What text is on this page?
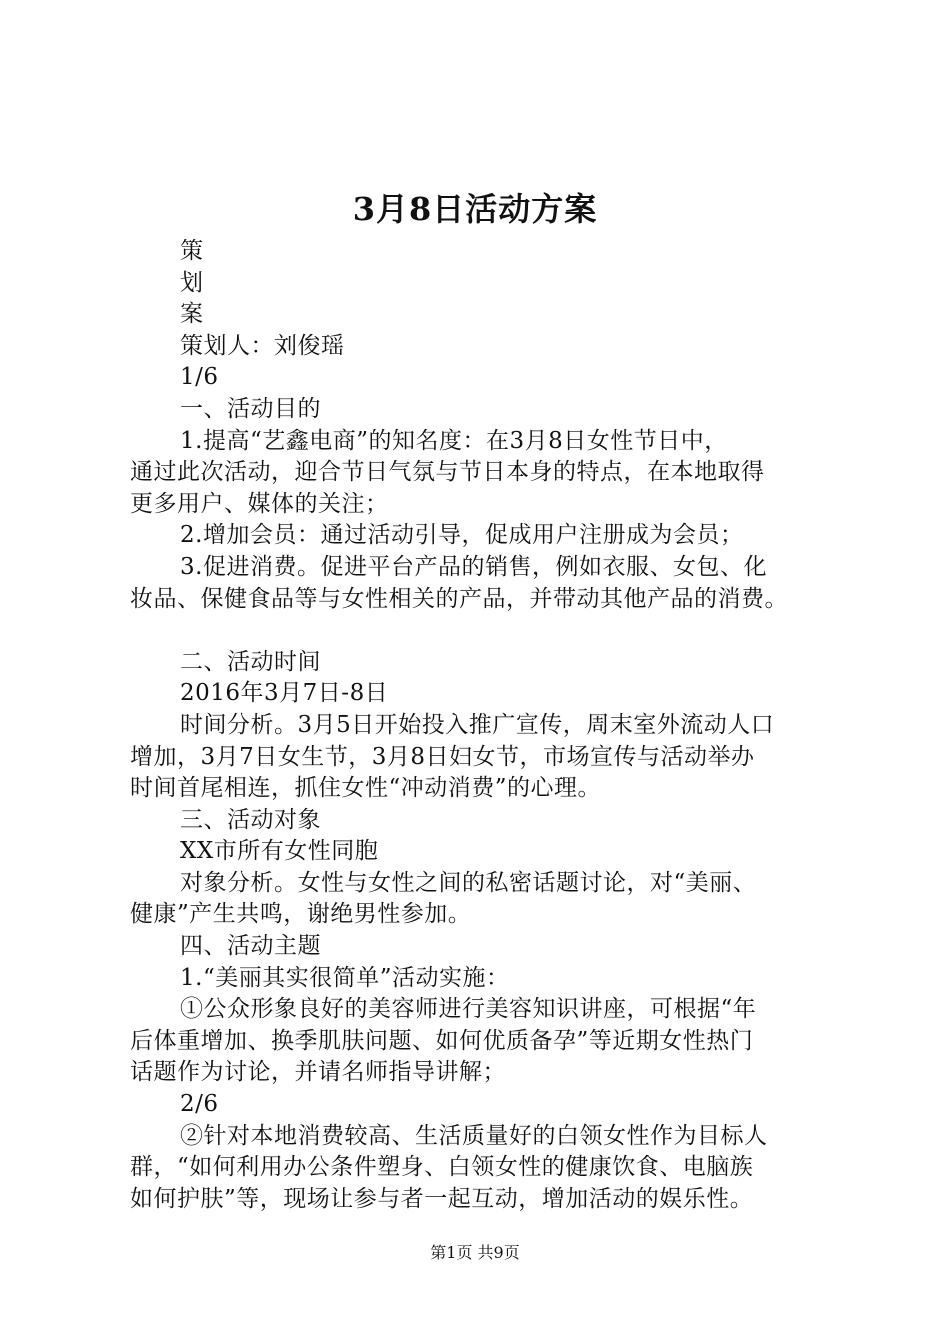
3月8日活动方案

策

划

案

策划人：刘俊瑶

1/6

一、活动目的

1.提高“艺鑫电商”的知名度：在3月8日女性节日中，

通过此次活动，迎合节日气氛与节日本身的特点，在本地取得

更多用户、媒体的关注；

2.增加会员：通过活动引导，促成用户注册成为会员；

3.促进消费。促进平台产品的销售，例如衣服、女包、化

妆品、保健食品等与女性相关的产品，并带动其他产品的消费。

二、活动时间

2016年3月7日-8日

时间分析。3月5日开始投入推广宣传，周末室外流动人口

增加，3月7日女生节，3月8日妇女节，市场宣传与活动举办

时间首尾相连，抓住女性“冲动消费”的心理。

三、活动对象

XX市所有女性同胞

对象分析。女性与女性之间的私密话题讨论，对“美丽、

健康”产生共鸣，谢绝男性参加。

四、活动主题

1.“美丽其实很简单”活动实施：

①公众形象良好的美容师进行美容知识讲座，可根据“年

后体重增加、换季肌肤问题、如何优质备孕”等近期女性热门

话题作为讨论，并请名师指导讲解；

2/6

②针对本地消费较高、生活质量好的白领女性作为目标人

群，“如何利用办公条件塑身、白领女性的健康饮食、电脑族

如何护肤”等，现场让参与者一起互动，增加活动的娱乐性。

第1页 共9页
